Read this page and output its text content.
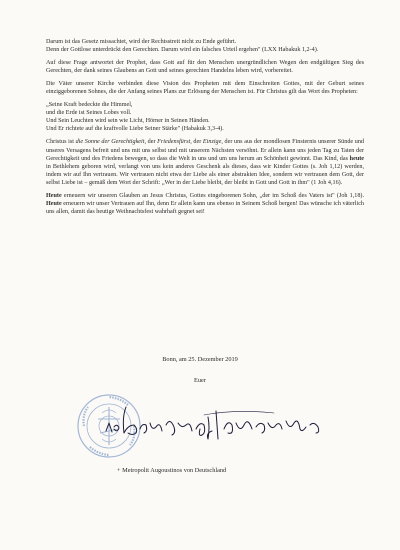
Darum ist das Gesetz missachtet, wird der Rechtsstreit nicht zu Ende geführt.

Denn der Gottlose unterdrückt den Gerechten. Darum wird ein falsches Urteil ergehen" (LXX Habakuk 1,2-4).

Auf diese Frage antwortet der Prophet, dass Gott auf für den Menschen unergründlichen Wegen den endgültigen Sieg des Gerechten, der dank seines Glaubens an Gott und seines gerechten Handelns leben wird, vorbereitet.

Die Väter unserer Kirche verbinden diese Vision des Propheten mit dem Einschreiten Gottes, mit der Geburt seines einziggeborenen Sohnes, die der Anfang seines Plans zur Erlösung der Menschen ist. Für Christus gilt das Wort des Propheten:

„Seine Kraft bedeckte die Himmel,
und die Erde ist Seines Lobes voll.
Und Sein Leuchten wird sein wie Licht, Hörner in Seinen Händen.
Und Er richtete auf die kraftvolle Liebe Seiner Stärke" (Habakuk 3,3-4).

Christus ist die Sonne der Gerechtigkeit, der Friedensfürst, der Einzige, der uns aus der mondlosen Finsternis unserer Sünde und unseres Versagens befreit und uns mit uns selbst und mit unserem Nächsten versöhnt. Er allein kann uns jeden Tag zu Taten der Gerechtigkeit und des Friedens bewegen, so dass die Welt in uns und um uns herum an Schönheit gewinnt. Das Kind, das heute in Bethlehem geboren wird, verlangt von uns kein anderes Geschenk als dieses, dass wir Kinder Gottes (s. Joh 1,12) werden, indem wir auf Ihn vertrauen. Wir vertrauen nicht etwa der Liebe als einer abstrakten Idee, sondern wir vertrauen dem Gott, der selbst Liebe ist – gemäß dem Wort der Schrift: „Wer in der Liebe bleibt, der bleibt in Gott und Gott in ihm" (1 Joh 4,16).

Heute erneuern wir unseren Glauben an Jesus Christus, Gottes eingeborenen Sohn, „der im Schoß des Vaters ist" (Joh 1,18). Heute erneuern wir unser Vertrauen auf Ihn, denn Er allein kann uns ebenso in Seinem Schoß bergen! Das wünsche ich väterlich uns allen, damit das heutige Weihnachtsfest wahrhaft gegnet sei!

Bonn, am 25. Dezember 2019
Euer
+ Metropolit Augoustinos von Deutschland
